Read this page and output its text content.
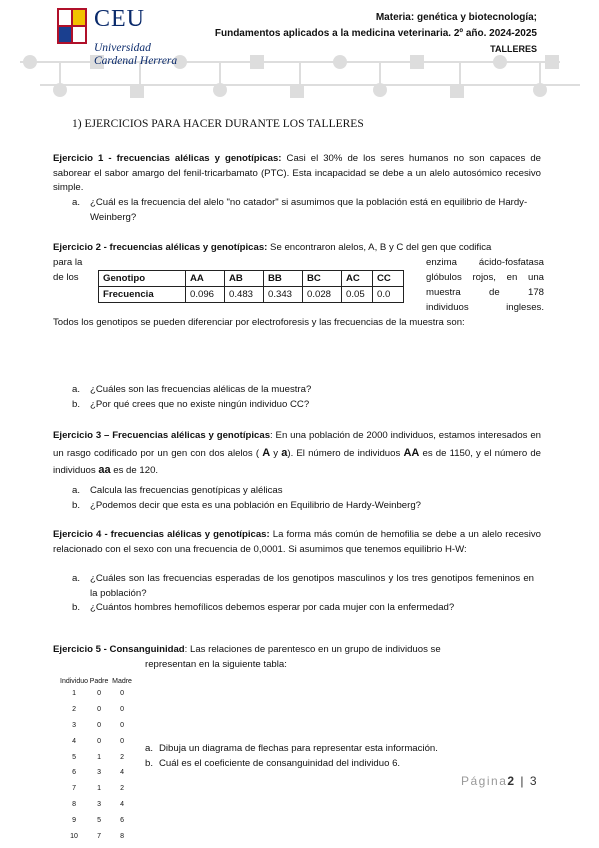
CEU
Universidad
Cardenal Herrera
Materia: genética y biotecnología;
Fundamentos aplicados a la medicina veterinaria. 2º año. 2024-2025
TALLERES
1) EJERCICIOS PARA HACER DURANTE LOS TALLERES
Ejercicio 1 - frecuencias alélicas y genotípicas: Casi el 30% de los seres humanos no son capaces de saborear el sabor amargo del fenil-tricarbamato (PTC). Esta incapacidad se debe a un alelo autosómico recesivo simple.
a. ¿Cuál es la frecuencia del alelo "no catador" si asumimos que la población está en equilibrio de Hardy-Weinberg?
Ejercicio 2 - frecuencias alélicas y genotípicas: Se encontraron alelos, A, B y C del gen que codifica
para la
de los
enzima ácido-fosfatasa
glóbulos rojos, en una
muestra de 178
individuos ingleses.
Genotipo	AA	AB	BB	BC	AC	CC
Frecuencia	0.096	0.483	0.343	0.028	0.05	0.0
Todos los genotipos se pueden diferenciar por electroforesis y las frecuencias de la muestra son:
a. ¿Cuáles son las frecuencias alélicas de la muestra?
b. ¿Por qué crees que no existe ningún individuo CC?
Ejercicio 3 – Frecuencias alélicas y genotípicas: En una población de 2000 individuos, estamos interesados en un rasgo codificado por un gen con dos alelos ( A y a). El número de individuos AA es de 1150, y el número de individuos aa es de 120.
a. Calcula las frecuencias genotípicas y alélicas
b. ¿Podemos decir que esta es una población en Equilibrio de Hardy-Weinberg?
Ejercicio 4 - frecuencias alélicas y genotípicas: La forma más común de hemofilia se debe a un alelo recesivo relacionado con el sexo con una frecuencia de 0,0001. Si asumimos que tenemos equilibrio H-W:
a. ¿Cuáles son las frecuencias esperadas de los genotipos masculinos y los tres genotipos femeninos en la población?
b. ¿Cuántos hombres hemofílicos debemos esperar por cada mujer con la enfermedad?
Ejercicio 5 - Consanguinidad: Las relaciones de parentesco en un grupo de individuos se
representan en la siguiente tabla:
Individuo	Padre	Madre
1	0	0
2	0	0
3	0	0
4	0	0
5	1	2
6	3	4
7	1	2
8	3	4
9	5	6
10	7	8
a. Dibuja un diagrama de flechas para representar esta información.
b. Cuál es el coeficiente de consanguinidad del individuo 6.
Página2 | 3
